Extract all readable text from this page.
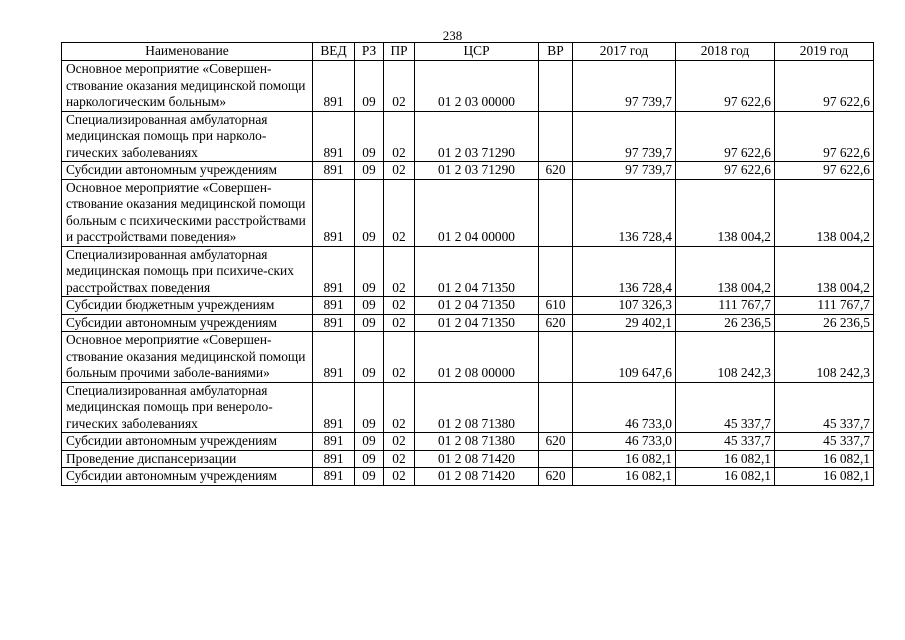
238
Наименование	ВЕД	РЗ	ПР	ЦСР	ВР	2017 год	2018 год	2019 год
Основное мероприятие «Совершен-ствование оказания медицинской помощи наркологическим больным»	891	09	02	01 2 03 00000		97 739,7	97 622,6	97 622,6
Специализированная амбулаторная медицинская помощь при нарколо-гических заболеваниях	891	09	02	01 2 03 71290		97 739,7	97 622,6	97 622,6
Субсидии автономным учреждениям	891	09	02	01 2 03 71290	620	97 739,7	97 622,6	97 622,6
Основное мероприятие «Совершен-ствование оказания медицинской помощи больным с психическими расстройствами и расстройствами поведения»	891	09	02	01 2 04 00000		136 728,4	138 004,2	138 004,2
Специализированная амбулаторная медицинская помощь при психиче-ских расстройствах поведения	891	09	02	01 2 04 71350		136 728,4	138 004,2	138 004,2
Субсидии бюджетным учреждениям	891	09	02	01 2 04 71350	610	107 326,3	111 767,7	111 767,7
Субсидии автономным учреждениям	891	09	02	01 2 04 71350	620	29 402,1	26 236,5	26 236,5
Основное мероприятие «Совершен-ствование оказания медицинской помощи больным прочими заболе-ваниями»	891	09	02	01 2 08 00000		109 647,6	108 242,3	108 242,3
Специализированная амбулаторная медицинская помощь при венероло-гических заболеваниях	891	09	02	01 2 08 71380		46 733,0	45 337,7	45 337,7
Субсидии автономным учреждениям	891	09	02	01 2 08 71380	620	46 733,0	45 337,7	45 337,7
Проведение диспансеризации	891	09	02	01 2 08 71420		16 082,1	16 082,1	16 082,1
Субсидии автономным учреждениям	891	09	02	01 2 08 71420	620	16 082,1	16 082,1	16 082,1
